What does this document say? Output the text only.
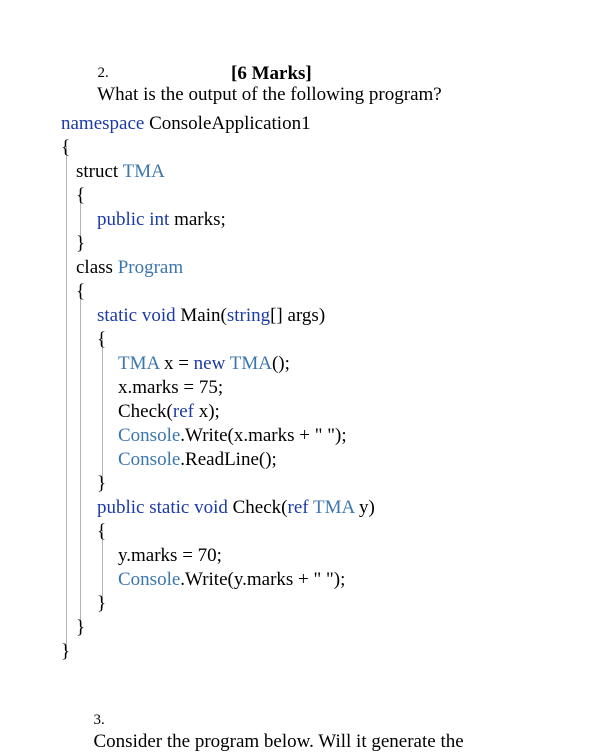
2.
What is the output of the following program?

[6 Marks]
namespace ConsoleApplication1
{
struct TMA
{
public int marks;
}
class Program
{
static void Main(string[] args)
{
TMA x = new TMA();
x.marks = 75;
Check(ref x);
Console.Write(x.marks + " ");
Console.ReadLine();
}
public static void Check(ref TMA y)
{
y.marks = 70;
Console.Write(y.marks + " ");
}
}
}

3.
Consider the program below. Will it generate the
